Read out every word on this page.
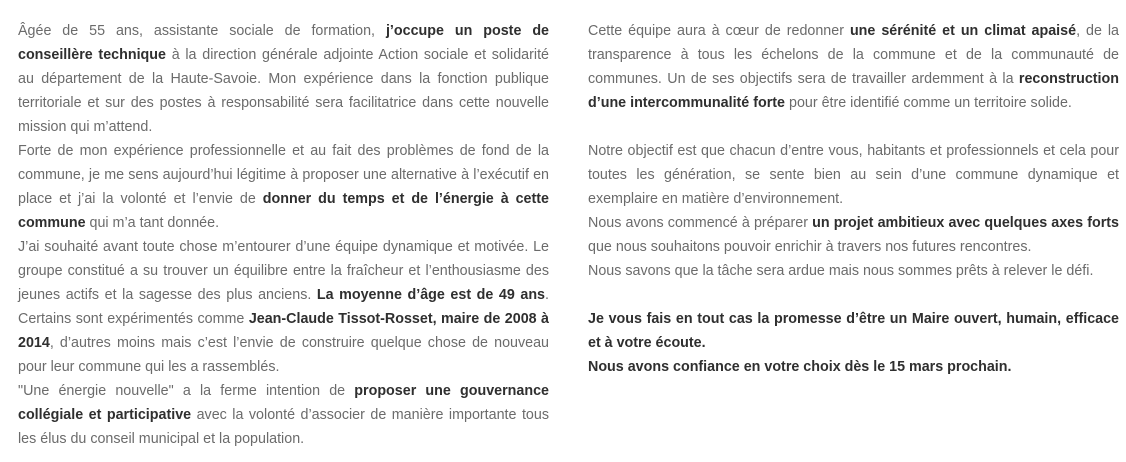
Âgée de 55 ans, assistante sociale de formation, j’occupe un poste de conseillère technique à la direction générale adjointe Action sociale et solidarité au département de la Haute-Savoie. Mon expérience dans la fonction publique territoriale et sur des postes à responsabilité sera facilitatrice dans cette nouvelle mission qui m’attend.

Forte de mon expérience professionnelle et au fait des problèmes de fond de la commune, je me sens aujourd’hui légitime à proposer une alternative à l’exécutif en place et j’ai la volonté et l’envie de donner du temps et de l’énergie à cette commune qui m’a tant donnée.

J’ai souhaité avant toute chose m’entourer d’une équipe dynamique et motivée. Le groupe constitué a su trouver un équilibre entre la fraîcheur et l’enthousiasme des jeunes actifs et la sagesse des plus anciens. La moyenne d’âge est de 49 ans. Certains sont expérimentés comme Jean-Claude Tissot-Rosset, maire de 2008 à 2014, d’autres moins mais c’est l’envie de construire quelque chose de nouveau pour leur commune qui les a rassemblés.

"Une énergie nouvelle" a la ferme intention de proposer une gouvernance collégiale et participative avec la volonté d’associer de manière importante tous les élus du conseil municipal et la population.

Cette équipe aura à cœur de redonner une sérénité et un climat apaisé, de la transparence à tous les échelons de la commune et de la communauté de communes. Un de ses objectifs sera de travailler ardemment à la reconstruction d’une intercommunalité forte pour être identifié comme un territoire solide.

Notre objectif est que chacun d’entre vous, habitants et professionnels et cela pour toutes les génération, se sente bien au sein d’une commune dynamique et exemplaire en matière d’environnement.

Nous avons commencé à préparer un projet ambitieux avec quelques axes forts que nous souhaitons pouvoir enrichir à travers nos futures rencontres.

Nous savons que la tâche sera ardue mais nous sommes prêts à relever le défi.

Je vous fais en tout cas la promesse d’être un Maire ouvert, humain, efficace et à votre écoute.

Nous avons confiance en votre choix dès le 15 mars prochain.
